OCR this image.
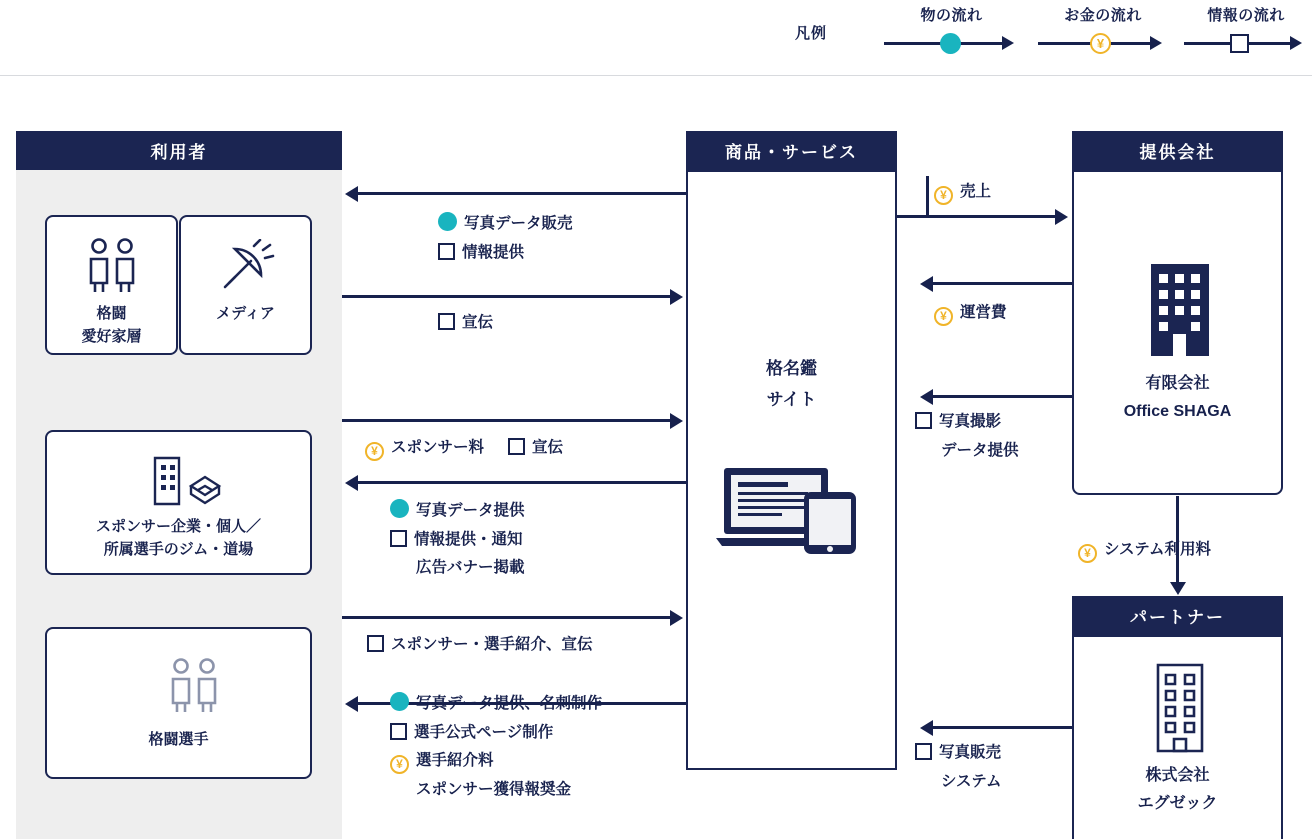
凡例
物の流れ	お金の流れ
¥
情報の流れ
利用者
格闘
愛好家層
メディア
スポンサー企業・個人／
所属選手のジム・道場
格闘選手
商品・サービス
格名鑑
サイト
提供会社
有限会社
Office SHAGA
パートナー
株式会社
エグゼック
写真データ販売
情報提供
宣伝
¥ スポンサー料	宣伝
写真データ提供
情報提供・通知
広告バナー掲載
スポンサー・選手紹介、宣伝
写真データ提供、名刺制作
選手公式ページ制作
¥ 選手紹介料
スポンサー獲得報奨金
¥ 売上
¥ 運営費
写真撮影
データ提供
¥ システム利用料
写真販売
システム
